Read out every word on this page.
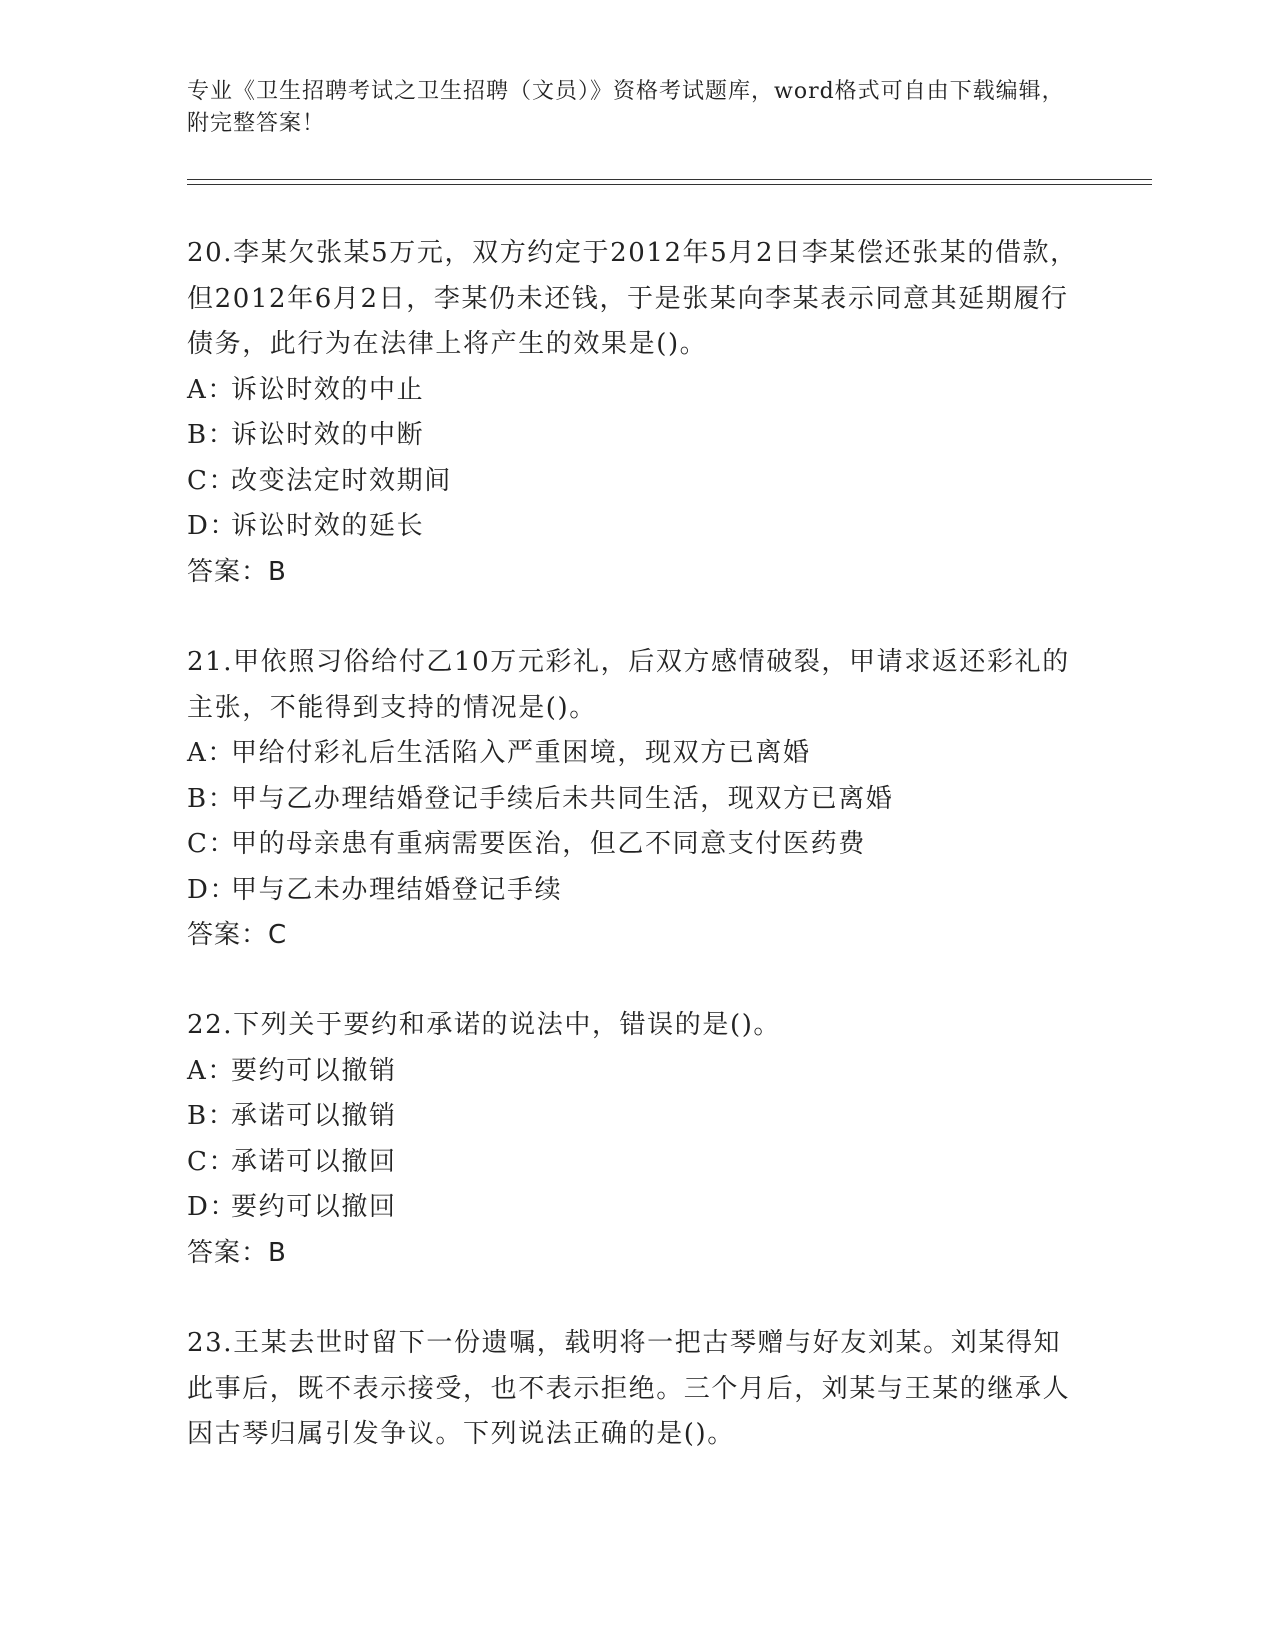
专业《卫生招聘考试之卫生招聘（文员）》资格考试题库，word格式可自由下载编辑，附完整答案！

20.李某欠张某5万元，双方约定于2012年5月2日李某偿还张某的借款，但2012年6月2日，李某仍未还钱，于是张某向李某表示同意其延期履行债务，此行为在法律上将产生的效果是()。

A：诉讼时效的中止

B：诉讼时效的中断

C：改变法定时效期间

D：诉讼时效的延长

答案：B

21.甲依照习俗给付乙10万元彩礼，后双方感情破裂，甲请求返还彩礼的主张，不能得到支持的情况是()。

A：甲给付彩礼后生活陷入严重困境，现双方已离婚

B：甲与乙办理结婚登记手续后未共同生活，现双方已离婚

C：甲的母亲患有重病需要医治，但乙不同意支付医药费

D：甲与乙未办理结婚登记手续

答案：C

22.下列关于要约和承诺的说法中，错误的是()。

A：要约可以撤销

B：承诺可以撤销

C：承诺可以撤回

D：要约可以撤回

答案：B

23.王某去世时留下一份遗嘱，载明将一把古琴赠与好友刘某。刘某得知此事后，既不表示接受，也不表示拒绝。三个月后，刘某与王某的继承人因古琴归属引发争议。下列说法正确的是()。
